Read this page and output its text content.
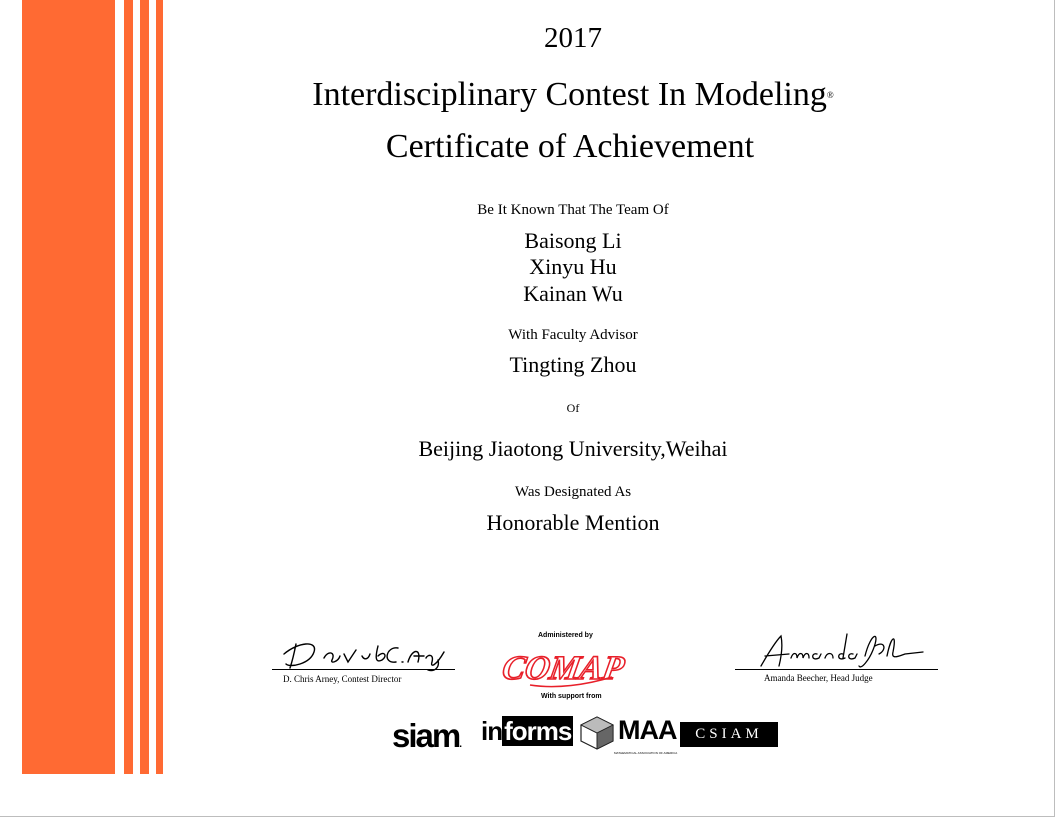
2017
Interdisciplinary Contest In Modeling®
Certificate of Achievement
Be It Known That The Team Of
Baisong Li
Xinyu Hu
Kainan Wu
With Faculty Advisor
Tingting Zhou
Of
Beijing Jiaotong University,Weihai
Was Designated As
Honorable Mention
D. Chris Arney, Contest Director
Administered by
COMAP
With support from
Amanda Beecher, Head Judge
siam. informs MAA
MATHEMATICAL ASSOCIATION OF AMERICA
CSIAM
